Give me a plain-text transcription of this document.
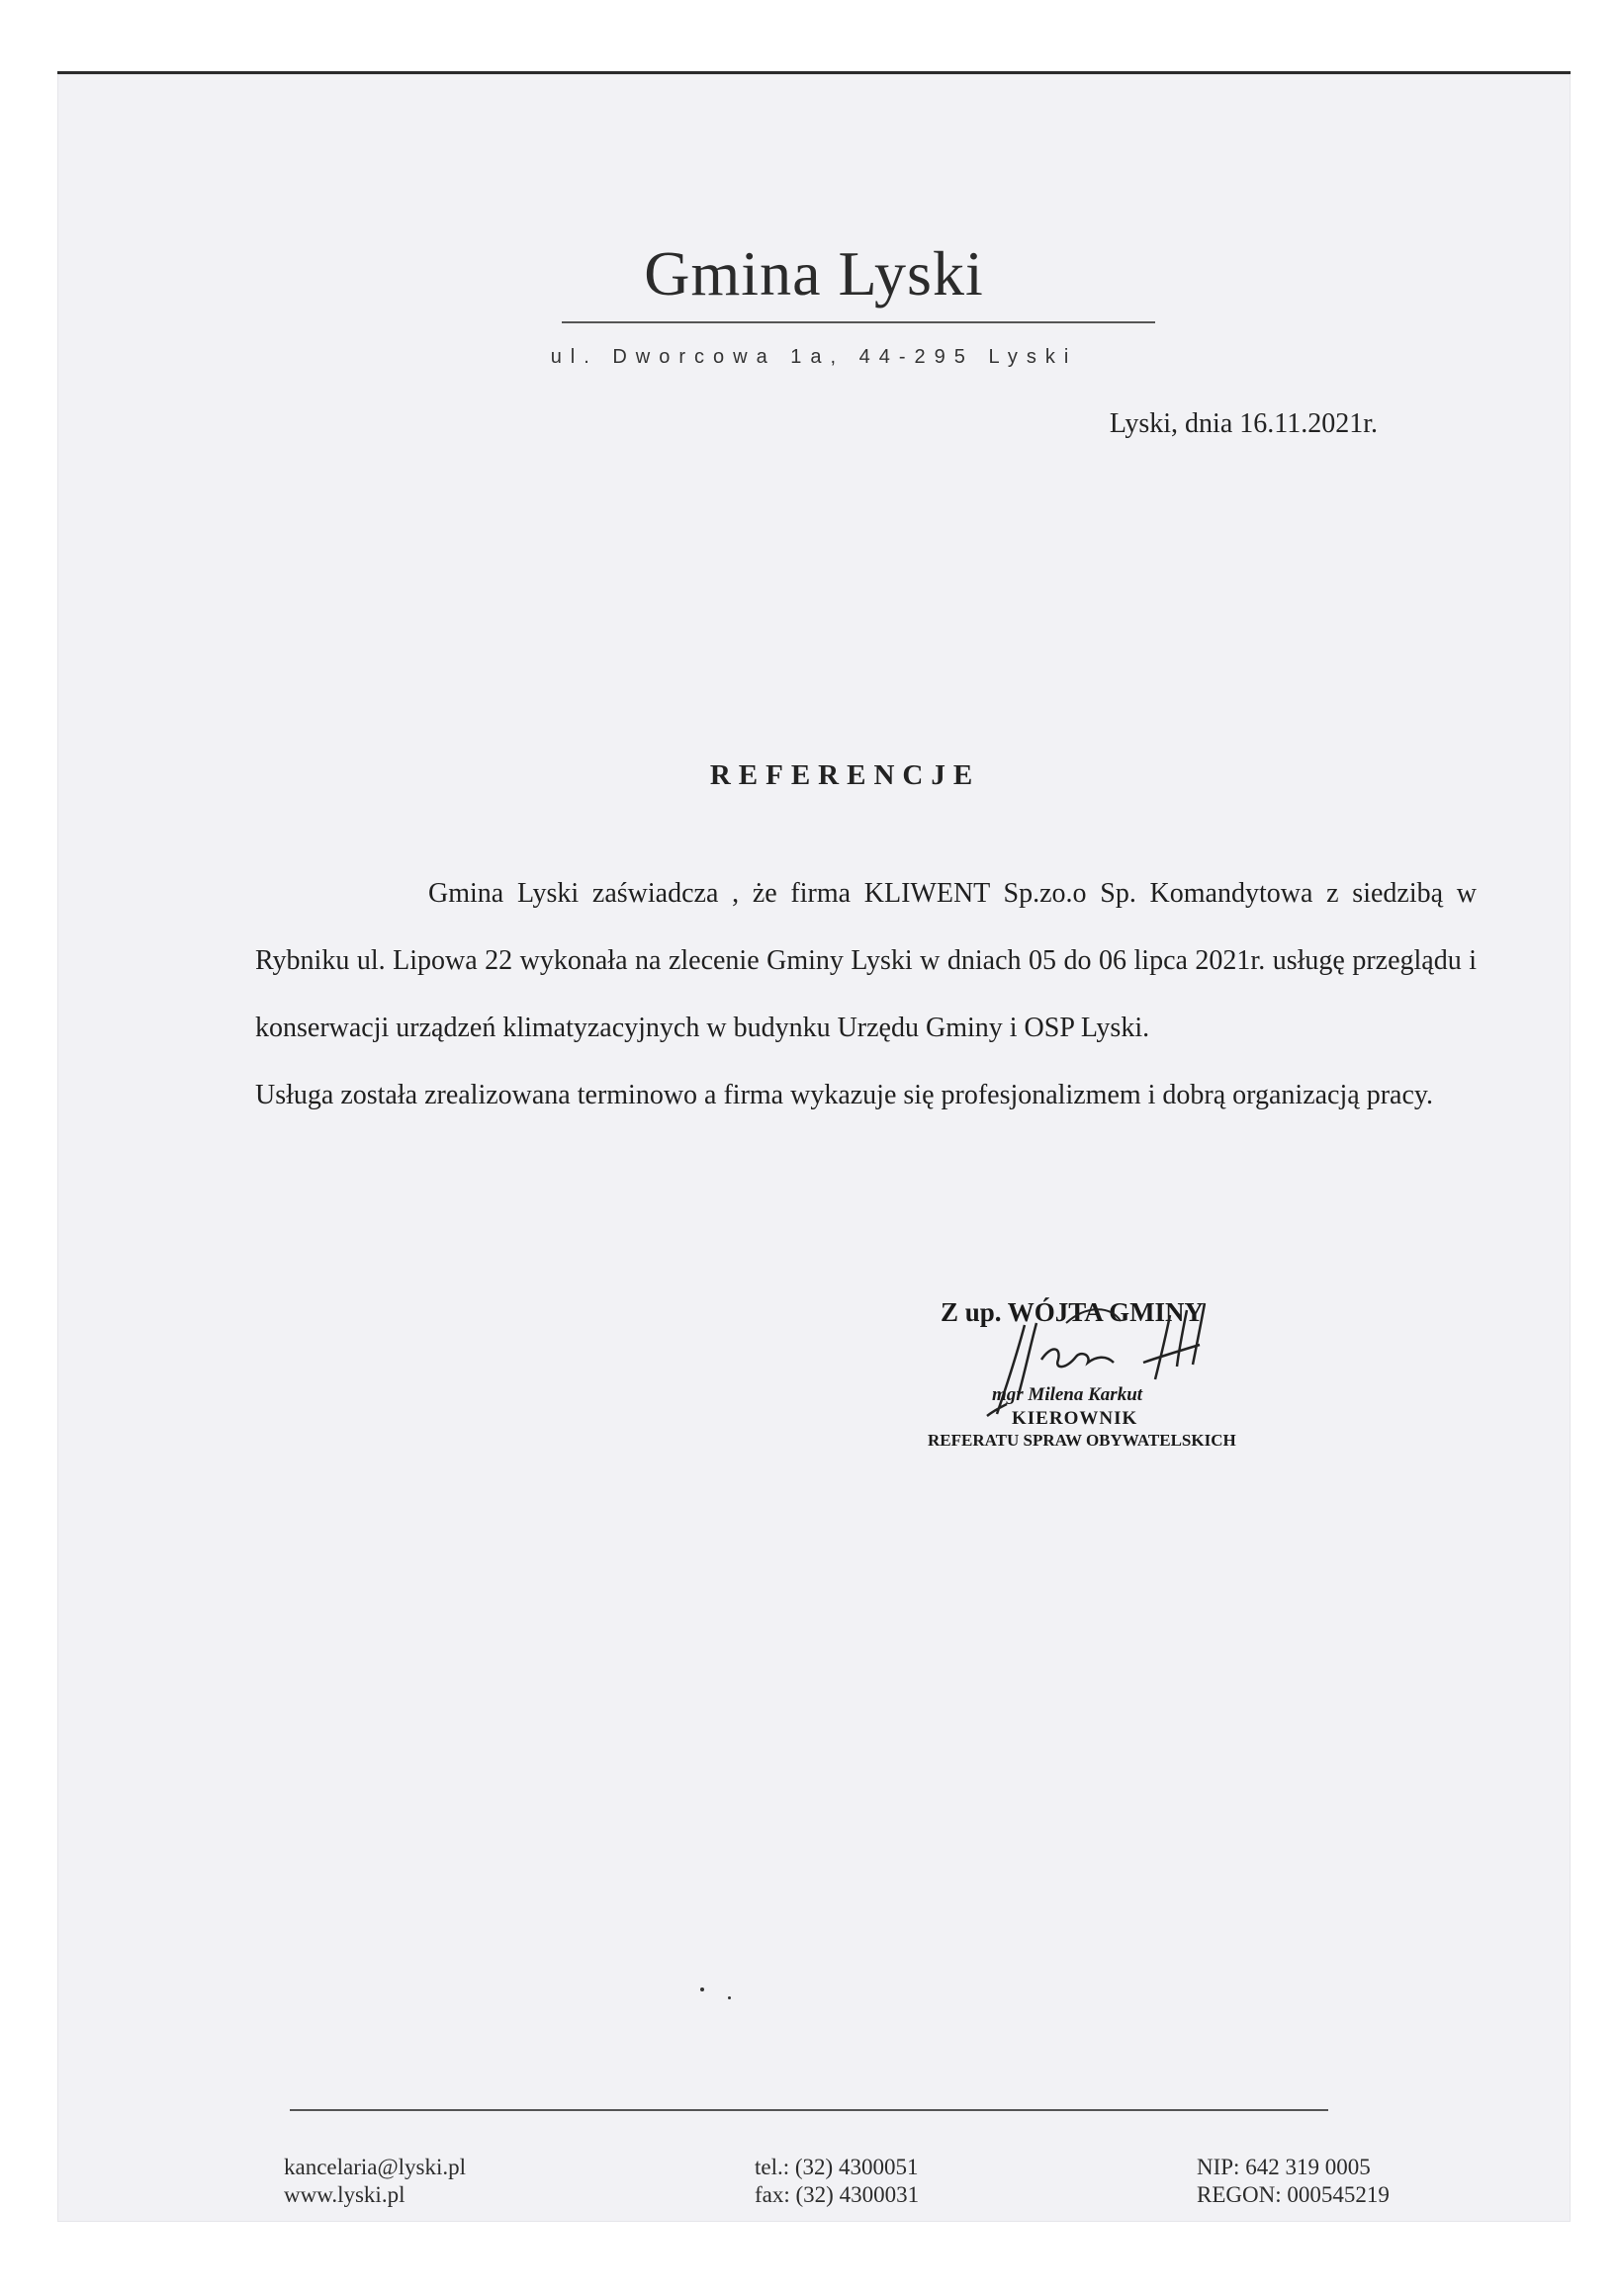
Gmina Lyski
ul. Dworcowa 1a, 44-295 Lyski
Lyski, dnia 16.11.2021r.
REFERENCJE

Gmina Lyski zaświadcza , że firma KLIWENT Sp.zo.o Sp. Komandytowa z siedzibą w Rybniku ul. Lipowa 22 wykonała na zlecenie Gminy Lyski w dniach 05 do 06 lipca 2021r. usługę przeglądu i konserwacji urządzeń klimatyzacyjnych w budynku Urzędu Gminy i OSP Lyski.

Usługa została zrealizowana terminowo a firma wykazuje się profesjonalizmem i dobrą organizacją pracy.

Z up. WÓJTA GMINY
mgr Milena Karkut
KIEROWNIK
REFERATU SPRAW OBYWATELSKICH
kancelaria@lyski.pl
www.lyski.pl
tel.: (32) 4300051
fax: (32) 4300031
NIP: 642 319 0005
REGON: 000545219
